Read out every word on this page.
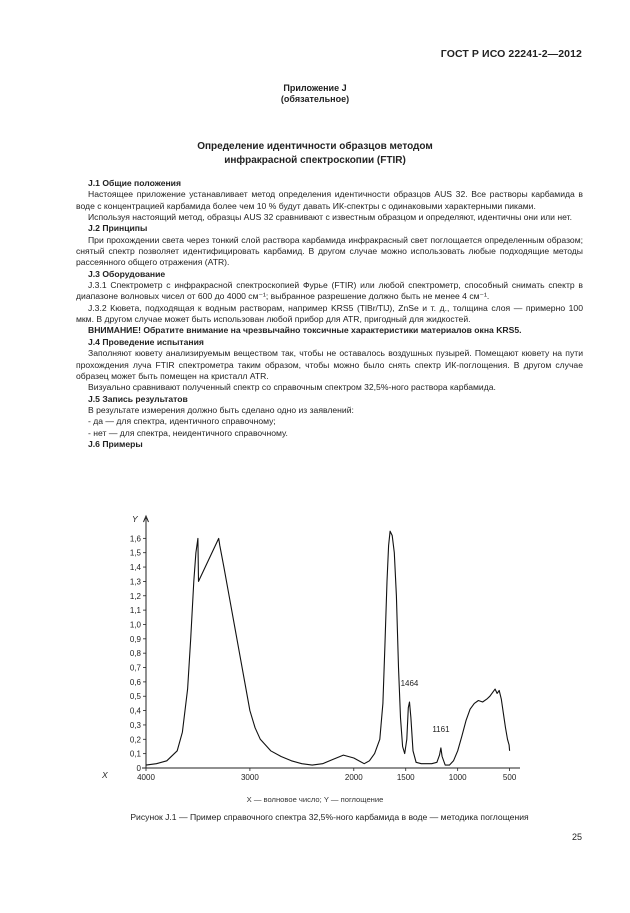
ГОСТ Р ИСО 22241-2—2012
Приложение J
(обязательное)
Определение идентичности образцов методом
инфракрасной спектроскопии (FTIR)

J.1 Общие положения

Настоящее приложение устанавливает метод определения идентичности образцов AUS 32. Все растворы карбамида в воде с концентрацией карбамида более чем 10 % будут давать ИК-спектры с одинаковыми характерными пиками.

Используя настоящий метод, образцы AUS 32 сравнивают с известным образцом и определяют, идентичны они или нет.

J.2 Принципы

При прохождении света через тонкий слой раствора карбамида инфракрасный свет поглощается определенным образом; снятый спектр позволяет идентифицировать карбамид. В другом случае можно использовать любые подходящие методы рассеянного общего отражения (ATR).

J.3 Оборудование

J.3.1 Спектрометр с инфракрасной спектроскопией Фурье (FTIR) или любой спектрометр, способный снимать спектр в диапазоне волновых чисел от 600 до 4000 см⁻¹; выбранное разрешение должно быть не менее 4 см⁻¹.

J.3.2 Кювета, подходящая к водным растворам, например KRS5 (TlBr/TlJ), ZnSe и т. д., толщина слоя — примерно 100 мкм. В другом случае может быть использован любой прибор для ATR, пригодный для жидкостей.

ВНИМАНИЕ! Обратите внимание на чрезвычайно токсичные характеристики материалов окна KRS5.

J.4 Проведение испытания

Заполняют кювету анализируемым веществом так, чтобы не оставалось воздушных пузырей. Помещают кювету на пути прохождения луча FTIR спектрометра таким образом, чтобы можно было снять спектр ИК-поглощения. В другом случае образец может быть помещен на кристалл ATR.

Визуально сравнивают полученный спектр со справочным спектром 32,5%-ного раствора карбамида.

J.5 Запись результатов

В результате измерения должно быть сделано одно из заявлений:

- да — для спектра, идентичного справочному;

- нет — для спектра, неидентичного справочному.

J.6 Примеры

Y
X
0
0,1
0,2
0,3
0,4
0,5
0,6
0,7
0,8
0,9
1,0
1,1
1,2
1,3
1,4
1,5
1,6
4000	3000	2000	1500	1000	500
1464
1161
X — волновое число; Y — поглощение
Рисунок J.1 — Пример справочного спектра 32,5%-ного карбамида в воде — методика поглощения
25
